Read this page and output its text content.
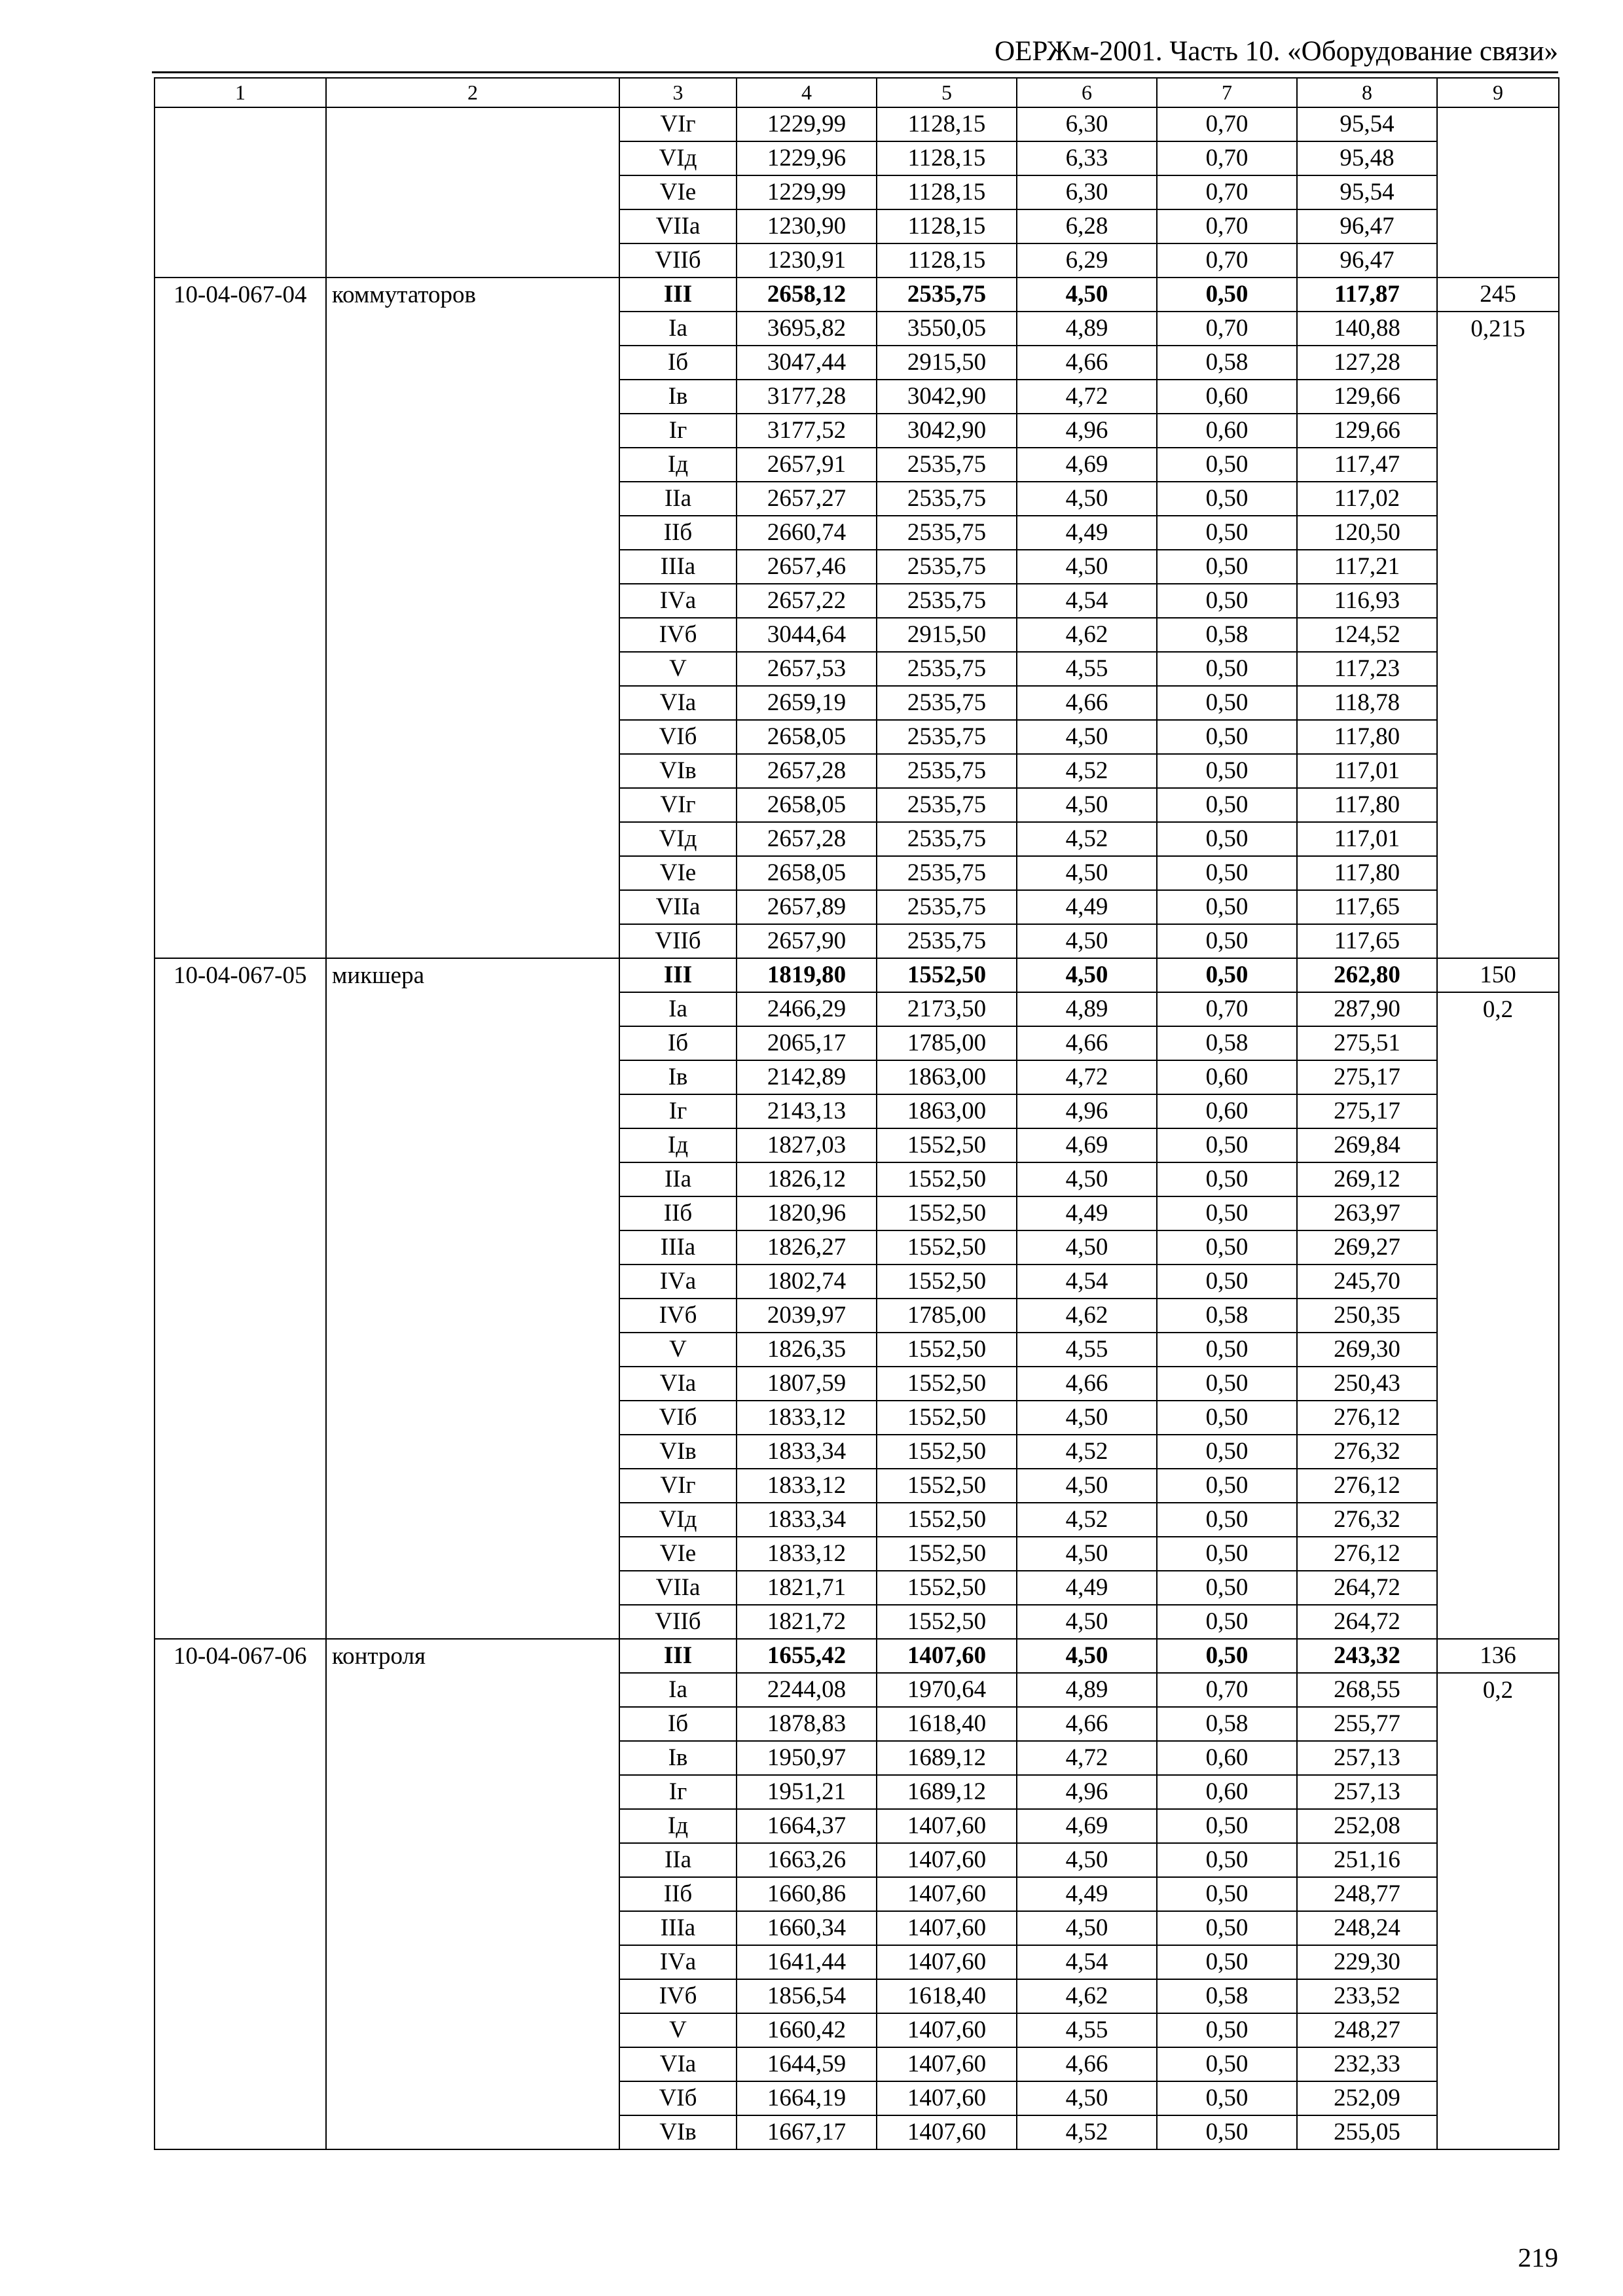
ОЕРЖм-2001. Часть 10. «Оборудование связи»
1	2	3	4	5	6	7	8	9
		VIг	1229,99	1128,15	6,30	0,70	95,54	
		VIд	1229,96	1128,15	6,33	0,70	95,48	
		VIе	1229,99	1128,15	6,30	0,70	95,54	
		VIIа	1230,90	1128,15	6,28	0,70	96,47	
		VIIб	1230,91	1128,15	6,29	0,70	96,47	
10-04-067-04	коммутаторов	III	2658,12	2535,75	4,50	0,50	117,87	245
		Iа	3695,82	3550,05	4,89	0,70	140,88	0,215
		Iб	3047,44	2915,50	4,66	0,58	127,28	
		Iв	3177,28	3042,90	4,72	0,60	129,66	
		Iг	3177,52	3042,90	4,96	0,60	129,66	
		Iд	2657,91	2535,75	4,69	0,50	117,47	
		IIа	2657,27	2535,75	4,50	0,50	117,02	
		IIб	2660,74	2535,75	4,49	0,50	120,50	
		IIIа	2657,46	2535,75	4,50	0,50	117,21	
		IVа	2657,22	2535,75	4,54	0,50	116,93	
		IVб	3044,64	2915,50	4,62	0,58	124,52	
		V	2657,53	2535,75	4,55	0,50	117,23	
		VIа	2659,19	2535,75	4,66	0,50	118,78	
		VIб	2658,05	2535,75	4,50	0,50	117,80	
		VIв	2657,28	2535,75	4,52	0,50	117,01	
		VIг	2658,05	2535,75	4,50	0,50	117,80	
		VIд	2657,28	2535,75	4,52	0,50	117,01	
		VIе	2658,05	2535,75	4,50	0,50	117,80	
		VIIа	2657,89	2535,75	4,49	0,50	117,65	
		VIIб	2657,90	2535,75	4,50	0,50	117,65	
10-04-067-05	микшера	III	1819,80	1552,50	4,50	0,50	262,80	150
		Iа	2466,29	2173,50	4,89	0,70	287,90	0,2
		Iб	2065,17	1785,00	4,66	0,58	275,51	
		Iв	2142,89	1863,00	4,72	0,60	275,17	
		Iг	2143,13	1863,00	4,96	0,60	275,17	
		Iд	1827,03	1552,50	4,69	0,50	269,84	
		IIа	1826,12	1552,50	4,50	0,50	269,12	
		IIб	1820,96	1552,50	4,49	0,50	263,97	
		IIIа	1826,27	1552,50	4,50	0,50	269,27	
		IVа	1802,74	1552,50	4,54	0,50	245,70	
		IVб	2039,97	1785,00	4,62	0,58	250,35	
		V	1826,35	1552,50	4,55	0,50	269,30	
		VIа	1807,59	1552,50	4,66	0,50	250,43	
		VIб	1833,12	1552,50	4,50	0,50	276,12	
		VIв	1833,34	1552,50	4,52	0,50	276,32	
		VIг	1833,12	1552,50	4,50	0,50	276,12	
		VIд	1833,34	1552,50	4,52	0,50	276,32	
		VIе	1833,12	1552,50	4,50	0,50	276,12	
		VIIа	1821,71	1552,50	4,49	0,50	264,72	
		VIIб	1821,72	1552,50	4,50	0,50	264,72	
10-04-067-06	контроля	III	1655,42	1407,60	4,50	0,50	243,32	136
		Iа	2244,08	1970,64	4,89	0,70	268,55	0,2
		Iб	1878,83	1618,40	4,66	0,58	255,77	
		Iв	1950,97	1689,12	4,72	0,60	257,13	
		Iг	1951,21	1689,12	4,96	0,60	257,13	
		Iд	1664,37	1407,60	4,69	0,50	252,08	
		IIа	1663,26	1407,60	4,50	0,50	251,16	
		IIб	1660,86	1407,60	4,49	0,50	248,77	
		IIIа	1660,34	1407,60	4,50	0,50	248,24	
		IVа	1641,44	1407,60	4,54	0,50	229,30	
		IVб	1856,54	1618,40	4,62	0,58	233,52	
		V	1660,42	1407,60	4,55	0,50	248,27	
		VIа	1644,59	1407,60	4,66	0,50	232,33	
		VIб	1664,19	1407,60	4,50	0,50	252,09	
		VIв	1667,17	1407,60	4,52	0,50	255,05	
219
